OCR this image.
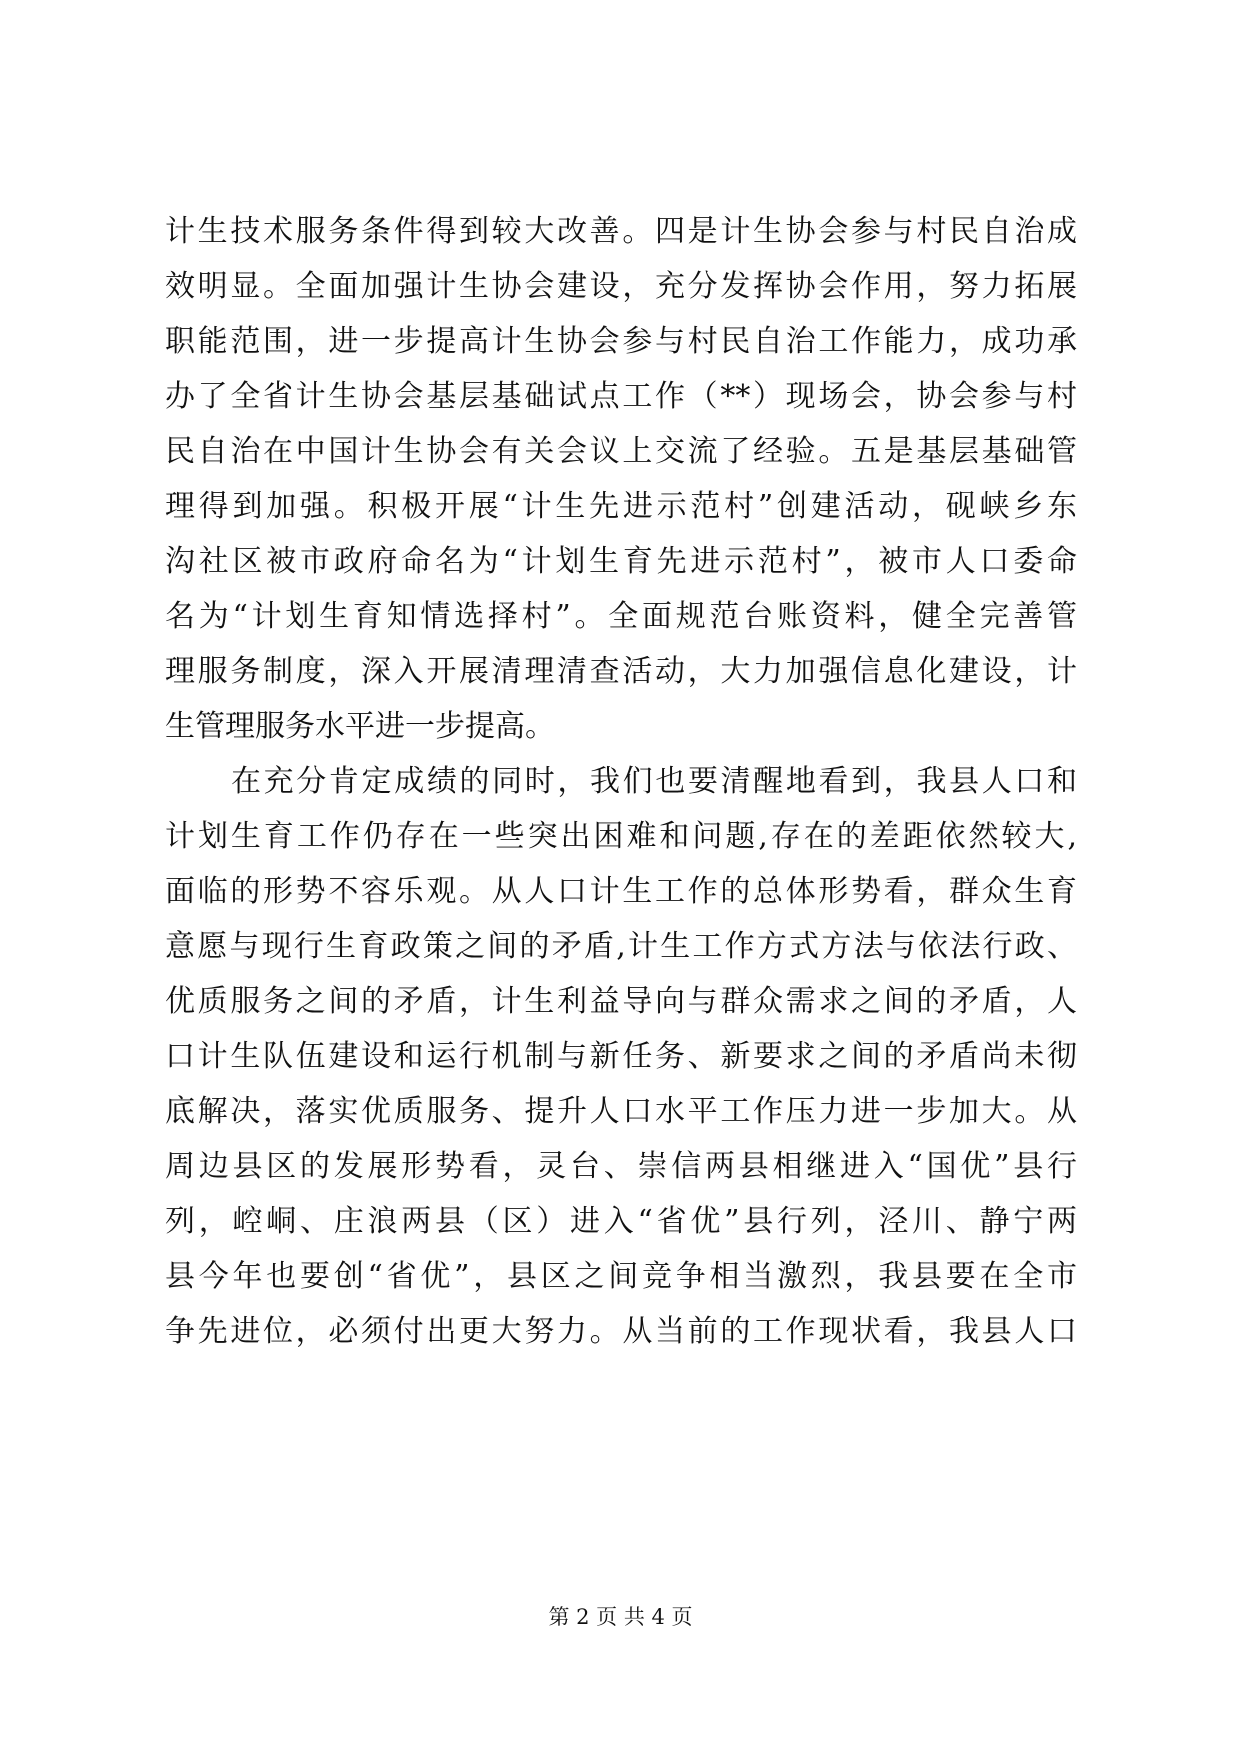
计生技术服务条件得到较大改善。四是计生协会参与村民自治成
效明显。全面加强计生协会建设，充分发挥协会作用，努力拓展
职能范围，进一步提高计生协会参与村民自治工作能力，成功承
办了全省计生协会基层基础试点工作（**）现场会，协会参与村
民自治在中国计生协会有关会议上交流了经验。五是基层基础管
理得到加强。积极开展“计生先进示范村”创建活动，砚峡乡东
沟社区被市政府命名为“计划生育先进示范村”，被市人口委命
名为“计划生育知情选择村”。全面规范台账资料，健全完善管
理服务制度，深入开展清理清查活动，大力加强信息化建设，计
生管理服务水平进一步提高。
在充分肯定成绩的同时，我们也要清醒地看到，我县人口和
计划生育工作仍存在一些突出困难和问题,存在的差距依然较大,
面临的形势不容乐观。从人口计生工作的总体形势看，群众生育
意愿与现行生育政策之间的矛盾,计生工作方式方法与依法行政、
优质服务之间的矛盾，计生利益导向与群众需求之间的矛盾，人
口计生队伍建设和运行机制与新任务、新要求之间的矛盾尚未彻
底解决，落实优质服务、提升人口水平工作压力进一步加大。从
周边县区的发展形势看，灵台、崇信两县相继进入“国优”县行
列，崆峒、庄浪两县（区）进入“省优”县行列，泾川、静宁两
县今年也要创“省优”，县区之间竞争相当激烈，我县要在全市
争先进位，必须付出更大努力。从当前的工作现状看，我县人口
第 2 页 共 4 页
